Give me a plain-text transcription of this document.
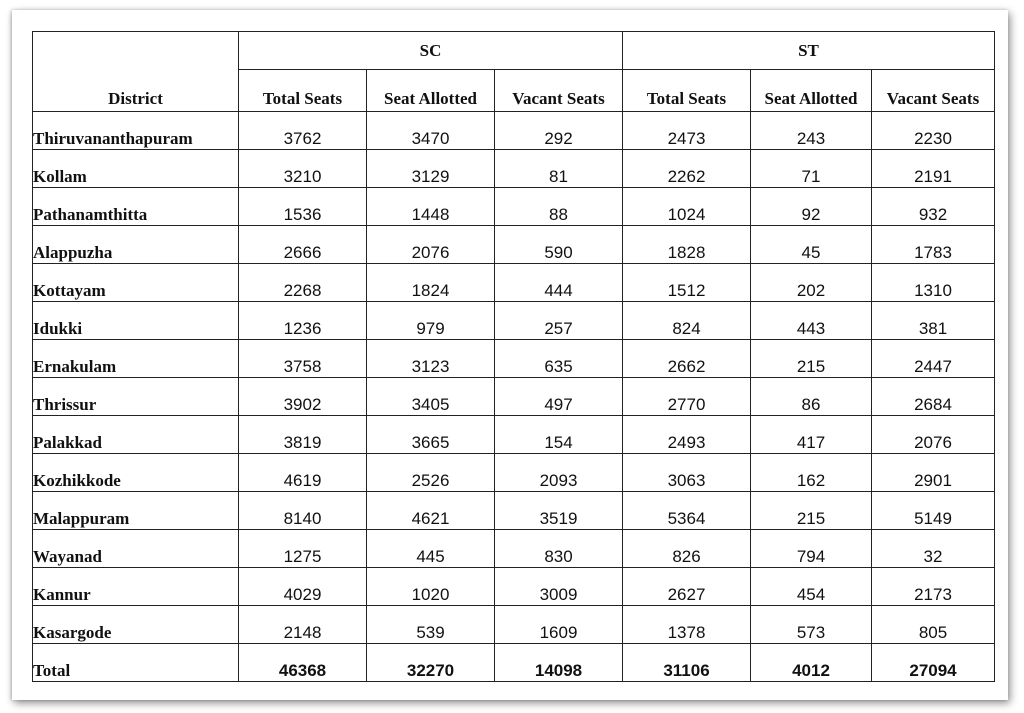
District	SC			ST		
	Total Seats	Seat Allotted	Vacant Seats	Total Seats	Seat Allotted	Vacant Seats
Thiruvananthapuram	3762	3470	292	2473	243	2230
Kollam	3210	3129	81	2262	71	2191
Pathanamthitta	1536	1448	88	1024	92	932
Alappuzha	2666	2076	590	1828	45	1783
Kottayam	2268	1824	444	1512	202	1310
Idukki	1236	979	257	824	443	381
Ernakulam	3758	3123	635	2662	215	2447
Thrissur	3902	3405	497	2770	86	2684
Palakkad	3819	3665	154	2493	417	2076
Kozhikkode	4619	2526	2093	3063	162	2901
Malappuram	8140	4621	3519	5364	215	5149
Wayanad	1275	445	830	826	794	32
Kannur	4029	1020	3009	2627	454	2173
Kasargode	2148	539	1609	1378	573	805
Total	46368	32270	14098	31106	4012	27094
